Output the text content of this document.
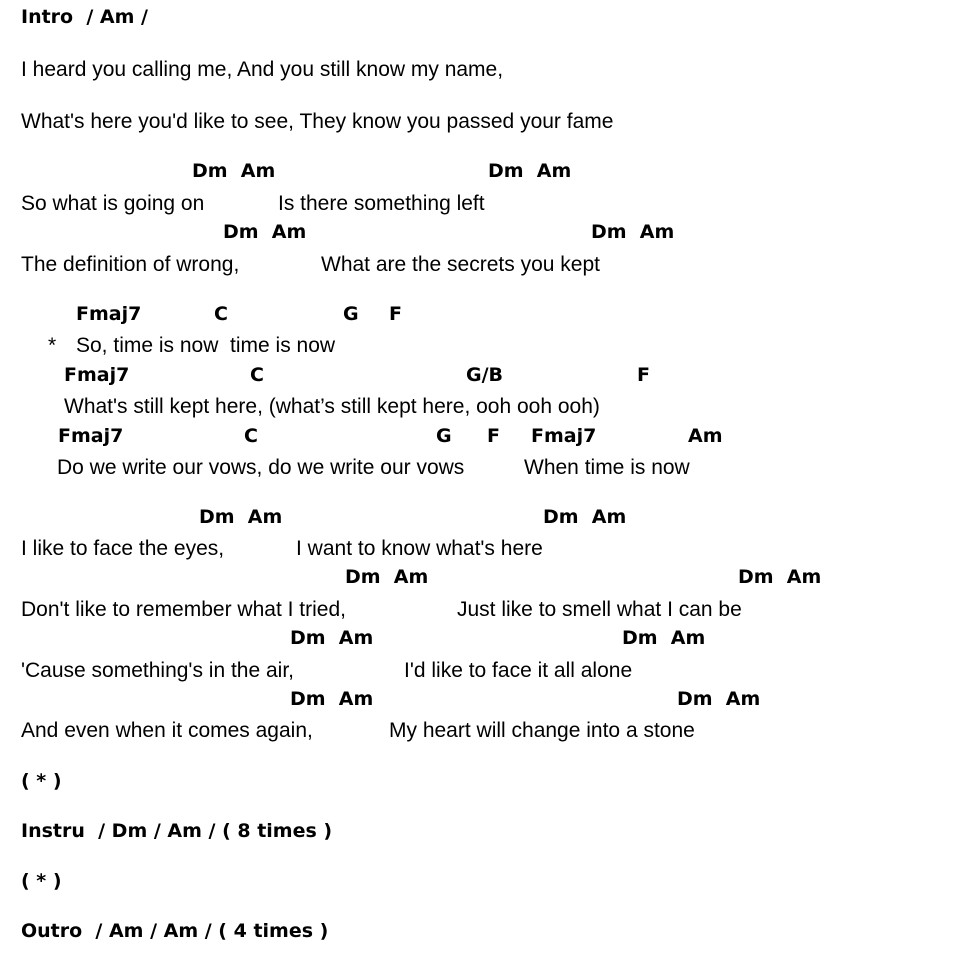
Intro  / Am /
I heard you calling me, And you still know my name,
What's here you'd like to see, They know you passed your fame
Dm  Am	Dm  Am
So what is going on	Is there something left
Dm  Am	Dm  Am
The definition of wrong,	What are the secrets you kept
Fmaj7	C	G F
* So, time is now  time is now
Fmaj7	C	G/B	F
What's still kept here, (what’s still kept here, ooh ooh ooh)
Fmaj7	C	G F Fmaj7	Am
Do we write our vows, do we write our vows	When time is now
Dm  Am	Dm  Am
I like to face the eyes,	I want to know what's here
Dm  Am	Dm  Am
Don't like to remember what I tried,	Just like to smell what I can be
Dm  Am	Dm  Am
'Cause something's in the air,	I'd like to face it all alone
Dm  Am	Dm  Am
And even when it comes again,	My heart will change into a stone
( * )
Instru  / Dm / Am / ( 8 times )
( * )
Outro  / Am / Am / ( 4 times )
